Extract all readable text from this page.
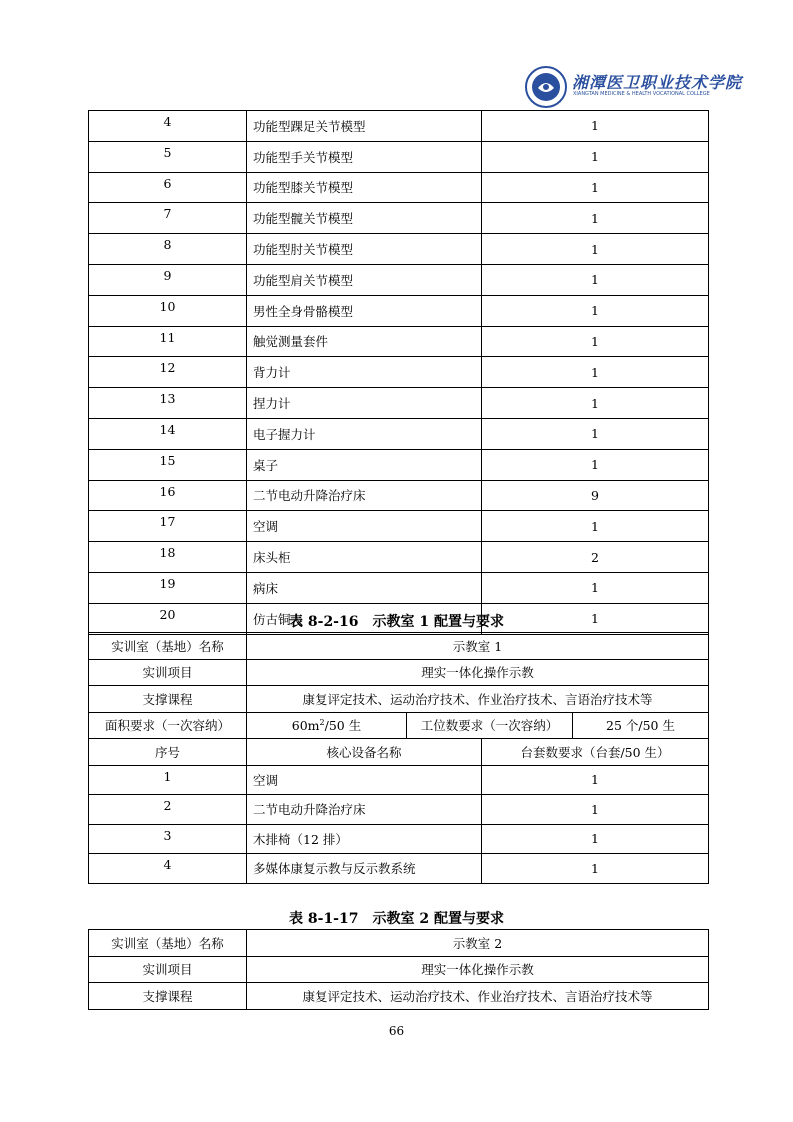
湘潭医卫职业技术学院
XIANGTAN MEDICINE & HEALTH VOCATIONAL COLLEGE
4	功能型踝足关节模型	1
5	功能型手关节模型	1
6	功能型膝关节模型	1
7	功能型髋关节模型	1
8	功能型肘关节模型	1
9	功能型肩关节模型	1
10	男性全身骨骼模型	1
11	触觉测量套件	1
12	背力计	1
13	捏力计	1
14	电子握力计	1
15	桌子	1
16	二节电动升降治疗床	9
17	空调	1
18	床头柜	2
19	病床	1
20	仿古铜人	1
表 8-2-16　示教室 1 配置与要求
实训室（基地）名称	示教室 1			
实训项目	理实一体化操作示教			
支撑课程	康复评定技术、运动治疗技术、作业治疗技术、言语治疗技术等			
面积要求（一次容纳）	$60m^2/50$ 生	工位数要求（一次容纳）		25 个/50 生
序号	核心设备名称		台套数要求（台套/50 生）	
1	空调		1	
2	二节电动升降治疗床		1	
3	木排椅（12 排）		1	
4	多媒体康复示教与反示教系统		1	
表 8-1-17　示教室 2 配置与要求
实训室（基地）名称	示教室 2
实训项目	理实一体化操作示教
支撑课程	康复评定技术、运动治疗技术、作业治疗技术、言语治疗技术等
66
